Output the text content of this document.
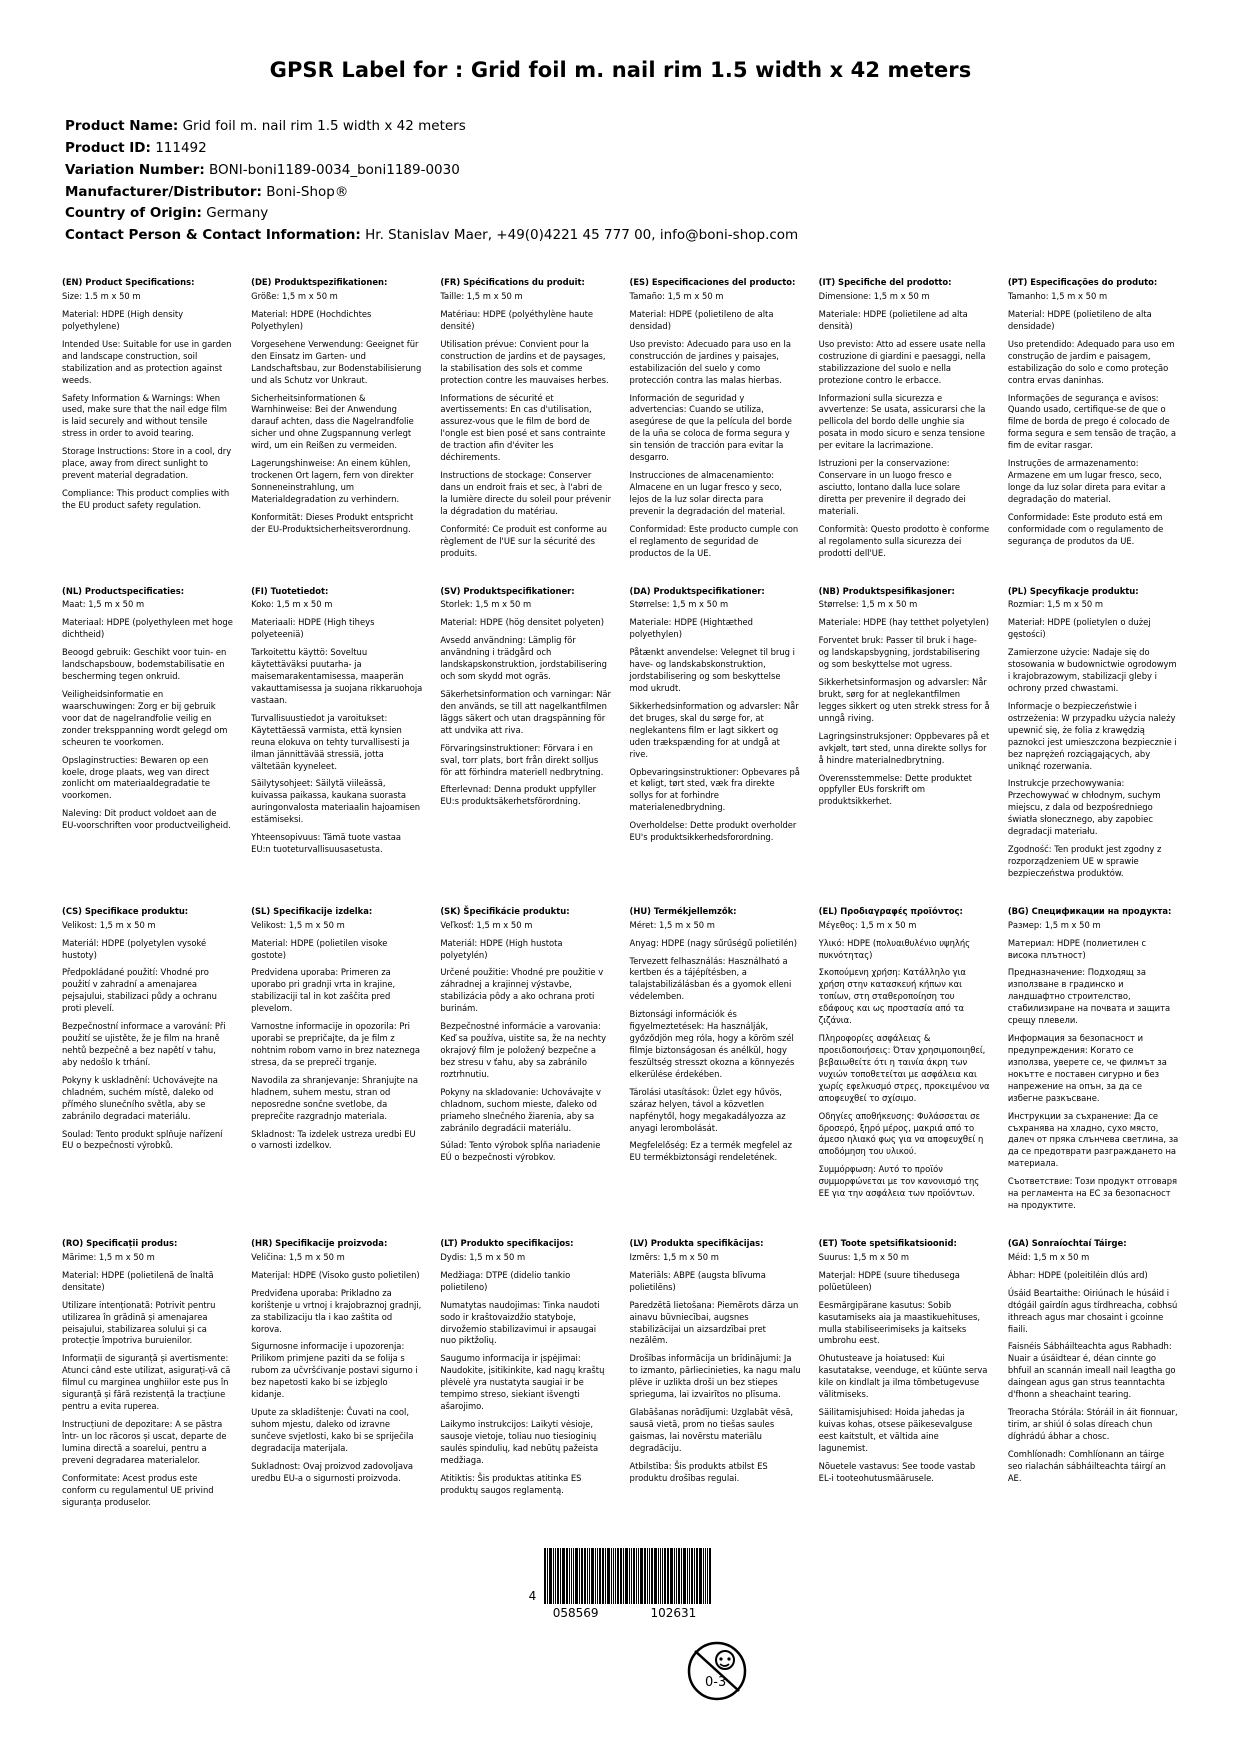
GPSR Label for : Grid foil m. nail rim 1.5 width x 42 meters
Product Name: Grid foil m. nail rim 1.5 width x 42 meters
Product ID: 111492
Variation Number: BONI-boni1189-0034_boni1189-0030
Manufacturer/Distributor: Boni-Shop®
Country of Origin: Germany
Contact Person & Contact Information: Hr. Stanislav Maer, +49(0)4221 45 777 00, info@boni-shop.com
(EN) Product Specifications:

Size: 1.5 m x 50 m

Material: HDPE (High density polyethylene)

Intended Use: Suitable for use in garden and landscape construction, soil stabilization and as protection against weeds.

Safety Information & Warnings: When used, make sure that the nail edge film is laid securely and without tensile stress in order to avoid tearing.

Storage Instructions: Store in a cool, dry place, away from direct sunlight to prevent material degradation.

Compliance: This product complies with the EU product safety regulation.

(DE) Produktspezifikationen:

Größe: 1,5 m x 50 m

Material: HDPE (Hochdichtes Polyethylen)

Vorgesehene Verwendung: Geeignet für den Einsatz im Garten- und Landschaftsbau, zur Bodenstabilisierung und als Schutz vor Unkraut.

Sicherheitsinformationen & Warnhinweise: Bei der Anwendung darauf achten, dass die Nagelrandfolie sicher und ohne Zugspannung verlegt wird, um ein Reißen zu vermeiden.

Lagerungshinweise: An einem kühlen, trockenen Ort lagern, fern von direkter Sonneneinstrahlung, um Materialdegradation zu verhindern.

Konformität: Dieses Produkt entspricht der EU-Produktsicherheitsverordnung.

(FR) Spécifications du produit:

Taille: 1,5 m x 50 m

Matériau: HDPE (polyéthylène haute densité)

Utilisation prévue: Convient pour la construction de jardins et de paysages, la stabilisation des sols et comme protection contre les mauvaises herbes.

Informations de sécurité et avertissements: En cas d'utilisation, assurez-vous que le film de bord de l'ongle est bien posé et sans contrainte de traction afin d'éviter les déchirements.

Instructions de stockage: Conserver dans un endroit frais et sec, à l'abri de la lumière directe du soleil pour prévenir la dégradation du matériau.

Conformité: Ce produit est conforme au règlement de l'UE sur la sécurité des produits.

(ES) Especificaciones del producto:

Tamaño: 1,5 m x 50 m

Material: HDPE (polietileno de alta densidad)

Uso previsto: Adecuado para uso en la construcción de jardines y paisajes, estabilización del suelo y como protección contra las malas hierbas.

Información de seguridad y advertencias: Cuando se utiliza, asegúrese de que la película del borde de la uña se coloca de forma segura y sin tensión de tracción para evitar la desgarro.

Instrucciones de almacenamiento: Almacene en un lugar fresco y seco, lejos de la luz solar directa para prevenir la degradación del material.

Conformidad: Este producto cumple con el reglamento de seguridad de productos de la UE.

(IT) Specifiche del prodotto:

Dimensione: 1,5 m x 50 m

Materiale: HDPE (polietilene ad alta densità)

Uso previsto: Atto ad essere usate nella costruzione di giardini e paesaggi, nella stabilizzazione del suolo e nella protezione contro le erbacce.

Informazioni sulla sicurezza e avvertenze: Se usata, assicurarsi che la pellicola del bordo delle unghie sia posata in modo sicuro e senza tensione per evitare la lacrimazione.

Istruzioni per la conservazione: Conservare in un luogo fresco e asciutto, lontano dalla luce solare diretta per prevenire il degrado dei materiali.

Conformità: Questo prodotto è conforme al regolamento sulla sicurezza dei prodotti dell'UE.

(PT) Especificações do produto:

Tamanho: 1,5 m x 50 m

Material: HDPE (polietileno de alta densidade)

Uso pretendido: Adequado para uso em construção de jardim e paisagem, estabilização do solo e como proteção contra ervas daninhas.

Informações de segurança e avisos: Quando usado, certifique-se de que o filme de borda de prego é colocado de forma segura e sem tensão de tração, a fim de evitar rasgar.

Instruções de armazenamento: Armazene em um lugar fresco, seco, longe da luz solar direta para evitar a degradação do material.

Conformidade: Este produto está em conformidade com o regulamento de segurança de produtos da UE.

(NL) Productspecificaties:

Maat: 1,5 m x 50 m

Materiaal: HDPE (polyethyleen met hoge dichtheid)

Beoogd gebruik: Geschikt voor tuin- en landschapsbouw, bodemstabilisatie en bescherming tegen onkruid.

Veiligheidsinformatie en waarschuwingen: Zorg er bij gebruik voor dat de nagelrandfolie veilig en zonder treksppanning wordt gelegd om scheuren te voorkomen.

Opslaginstructies: Bewaren op een koele, droge plaats, weg van direct zonlicht om materiaaldegradatie te voorkomen.

Naleving: Dit product voldoet aan de EU-voorschriften voor productveiligheid.

(FI) Tuotetiedot:

Koko: 1,5 m x 50 m

Materiaali: HDPE (High tiheys polyeteeniä)

Tarkoitettu käyttö: Soveltuu käytettäväksi puutarha- ja maisemarakentamisessa, maaperän vakauttamisessa ja suojana rikkaruohoja vastaan.

Turvallisuustiedot ja varoitukset: Käytettäessä varmista, että kynsien reuna elokuva on tehty turvallisesti ja ilman jännittävää stressiä, jotta vältetään kyyneleet.

Säilytysohjeet: Säilytä viileässä, kuivassa paikassa, kaukana suorasta auringonvalosta materiaalin hajoamisen estämiseksi.

Yhteensopivuus: Tämä tuote vastaa EU:n tuoteturvallisuusasetusta.

(SV) Produktspecifikationer:

Storlek: 1,5 m x 50 m

Material: HDPE (hög densitet polyeten)

Avsedd användning: Lämplig för användning i trädgård och landskapskonstruktion, jordstabilisering och som skydd mot ogräs.

Säkerhetsinformation och varningar: När den används, se till att nagelkantfilmen läggs säkert och utan dragspänning för att undvika att riva.

Förvaringsinstruktioner: Förvara i en sval, torr plats, bort från direkt solljus för att förhindra materiell nedbrytning.

Efterlevnad: Denna produkt uppfyller EU:s produktsäkerhetsförordning.

(DA) Produktspecifikationer:

Størrelse: 1,5 m x 50 m

Materiale: HDPE (Hightæthed polyethylen)

Påtænkt anvendelse: Velegnet til brug i have- og landskabskonstruktion, jordstabilisering og som beskyttelse mod ukrudt.

Sikkerhedsinformation og advarsler: Når det bruges, skal du sørge for, at neglekantens film er lagt sikkert og uden trækspænding for at undgå at rive.

Opbevaringsinstruktioner: Opbevares på et køligt, tørt sted, væk fra direkte sollys for at forhindre materialenedbrydning.

Overholdelse: Dette produkt overholder EU's produktsikkerhedsforordning.

(NB) Produktspesifikasjoner:

Størrelse: 1,5 m x 50 m

Materiale: HDPE (hay tetthet polyetylen)

Forventet bruk: Passer til bruk i hage- og landskapsbygning, jordstabilisering og som beskyttelse mot ugress.

Sikkerhetsinformasjon og advarsler: Når brukt, sørg for at neglekantfilmen legges sikkert og uten strekk stress for å unngå riving.

Lagringsinstruksjoner: Oppbevares på et avkjølt, tørt sted, unna direkte sollys for å hindre materialnedbrytning.

Overensstemmelse: Dette produktet oppfyller EUs forskrift om produktsikkerhet.

(PL) Specyfikacje produktu:

Rozmiar: 1,5 m x 50 m

Materiał: HDPE (polietylen o dużej gęstości)

Zamierzone użycie: Nadaje się do stosowania w budownictwie ogrodowym i krajobrazowym, stabilizacji gleby i ochrony przed chwastami.

Informacje o bezpieczeństwie i ostrzeżenia: W przypadku użycia należy upewnić się, że folia z krawędzią paznokci jest umieszczona bezpiecznie i bez naprężeń rozciągających, aby uniknąć rozerwania.

Instrukcje przechowywania: Przechowywać w chłodnym, suchym miejscu, z dala od bezpośredniego światła słonecznego, aby zapobiec degradacji materiału.

Zgodność: Ten produkt jest zgodny z rozporządzeniem UE w sprawie bezpieczeństwa produktów.

(CS) Specifikace produktu:

Velikost: 1,5 m x 50 m

Materiál: HDPE (polyetylen vysoké hustoty)

Předpokládané použití: Vhodné pro použití v zahradní a amenajarea pejsajului, stabilizaci půdy a ochranu proti plevelí.

Bezpečnostní informace a varování: Při použití se ujistěte, že je film na hraně nehtů bezpečně a bez napětí v tahu, aby nedošlo k trhání.

Pokyny k uskladnění: Uchovávejte na chladném, suchém místě, daleko od přímého slunečního světla, aby se zabránilo degradaci materiálu.

Soulad: Tento produkt splňuje nařízení EU o bezpečnosti výrobků.

(SL) Specifikacije izdelka:

Velikost: 1,5 m x 50 m

Material: HDPE (polietilen visoke gostote)

Predvidena uporaba: Primeren za uporabo pri gradnji vrta in krajine, stabilizaciji tal in kot zaščita pred plevelom.

Varnostne informacije in opozorila: Pri uporabi se prepričajte, da je film z nohtnim robom varno in brez nateznega stresa, da se prepreči trganje.

Navodila za shranjevanje: Shranjujte na hladnem, suhem mestu, stran od neposredne sončne svetlobe, da preprečite razgradnjo materiala.

Skladnost: Ta izdelek ustreza uredbi EU o varnosti izdelkov.

(SK) Špecifikácie produktu:

Veľkosť: 1,5 m x 50 m

Materiál: HDPE (High hustota polyetylén)

Určené použitie: Vhodné pre použitie v záhradnej a krajinnej výstavbe, stabilizácia pôdy a ako ochrana proti burinám.

Bezpečnostné informácie a varovania: Keď sa používa, uistite sa, že na nechty okrajový film je položený bezpečne a bez stresu v ťahu, aby sa zabránilo roztrhnutiu.

Pokyny na skladovanie: Uchovávajte v chladnom, suchom mieste, ďaleko od priameho slnečného žiarenia, aby sa zabránilo degradácii materiálu.

Súlad: Tento výrobok spĺňa nariadenie EÚ o bezpečnosti výrobkov.

(HU) Termékjellemzők:

Méret: 1,5 m x 50 m

Anyag: HDPE (nagy sűrűségű polietilén)

Tervezett felhasználás: Használható a kertben és a tájépítésben, a talajstabilizálásban és a gyomok elleni védelemben.

Biztonsági információk és figyelmeztetések: Ha használják, győződjön meg róla, hogy a köröm szél filmje biztonságosan és anélkül, hogy feszültség stresszt okozna a könnyezés elkerülése érdekében.

Tárolási utasítások: Üzlet egy hűvös, száraz helyen, távol a közvetlen napfénytől, hogy megakadályozza az anyagi lerombolását.

Megfelelőség: Ez a termék megfelel az EU termékbiztonsági rendeletének.

(EL) Προδιαγραφές προϊόντος:

Μέγεθος: 1,5 m x 50 m

Υλικό: HDPE (πολυαιθυλένιο υψηλής πυκνότητας)

Σκοπούμενη χρήση: Κατάλληλο για χρήση στην κατασκευή κήπων και τοπίων, στη σταθεροποίηση του εδάφους και ως προστασία από τα ζιζάνια.

Πληροφορίες ασφάλειας & προειδοποιήσεις: Όταν χρησιμοποιηθεί, βεβαιωθείτε ότι η ταινία άκρη των νυχιών τοποθετείται με ασφάλεια και χωρίς εφελκυσμό στρες, προκειμένου να αποφευχθεί το σχίσιμο.

Οδηγίες αποθήκευσης: Φυλάσσεται σε δροσερό, ξηρό μέρος, μακριά από το άμεσο ηλιακό φως για να αποφευχθεί η αποδόμηση του υλικού.

Συμμόρφωση: Αυτό το προϊόν συμμορφώνεται με τον κανονισμό της ΕΕ για την ασφάλεια των προϊόντων.

(BG) Спецификации на продукта:

Размер: 1,5 m x 50 m

Материал: HDPE (полиетилен с висока плътност)

Предназначение: Подходящ за използване в градинско и ландшафтно строителство, стабилизиране на почвата и защита срещу плевели.

Информация за безопасност и предупреждения: Когато се използва, уверете се, че филмът за нокътте е поставен сигурно и без напрежение на опън, за да се избегне разкъсване.

Инструкции за съхранение: Да се съхранява на хладно, сухо място, далеч от пряка слънчева светлина, за да се предотврати разграждането на материала.

Съответствие: Този продукт отговаря на регламента на ЕС за безопасност на продуктите.

(RO) Specificații produs:

Mărime: 1,5 m x 50 m

Material: HDPE (polietilenă de înaltă densitate)

Utilizare intenționată: Potrivit pentru utilizarea în grădină și amenajarea peisajului, stabilizarea solului și ca protecție împotriva buruienilor.

Informații de siguranță și avertismente: Atunci când este utilizat, asigurați-vă că filmul cu marginea unghiilor este pus în siguranță și fără rezistență la tracțiune pentru a evita ruperea.

Instrucțiuni de depozitare: A se păstra într- un loc răcoros și uscat, departe de lumina directă a soarelui, pentru a preveni degradarea materialelor.

Conformitate: Acest produs este conform cu regulamentul UE privind siguranța produselor.

(HR) Specifikacije proizvoda:

Veličina: 1,5 m x 50 m

Materijal: HDPE (Visoko gusto polietilen)

Predviđena uporaba: Prikladno za korištenje u vrtnoj i krajobraznoj gradnji, za stabilizaciju tla i kao zaštita od korova.

Sigurnosne informacije i upozorenja: Prilikom primjene paziti da se folija s rubom za učvršćivanje postavi sigurno i bez napetosti kako bi se izbjeglo kidanje.

Upute za skladištenje: Čuvati na cool, suhom mjestu, daleko od izravne sunčeve svjetlosti, kako bi se spriječila degradacija materijala.

Sukladnost: Ovaj proizvod zadovoljava uredbu EU-a o sigurnosti proizvoda.

(LT) Produkto specifikacijos:

Dydis: 1,5 m x 50 m

Medžiaga: DTPE (didelio tankio polietileno)

Numatytas naudojimas: Tinka naudoti sodo ir kraštovaizdžio statyboje, dirvožemio stabilizavimui ir apsaugai nuo piktžolių.

Saugumo informacija ir įspėjimai: Naudokite, įsitikinkite, kad nagų kraštų plėvelė yra nustatyta saugiai ir be tempimo streso, siekiant išvengti ašarojimo.

Laikymo instrukcijos: Laikyti vėsioje, sausoje vietoje, toliau nuo tiesioginių saulės spindulių, kad nebūtų pažeista medžiaga.

Atitiktis: Šis produktas atitinka ES produktų saugos reglamentą.

(LV) Produkta specifikācijas:

Izmērs: 1,5 m x 50 m

Materiāls: ABPE (augsta blīvuma polietilēns)

Paredzētā lietošana: Piemērots dārza un ainavu būvniecībai, augsnes stabilizācijai un aizsardzībai pret nezālēm.

Drošības informācija un brīdinājumi: Ja to izmanto, pārliecinieties, ka nagu malu plēve ir uzlikta droši un bez stiepes sprieguma, lai izvairītos no plīsuma.

Glabāšanas norādījumi: Uzglabāt vēsā, sausā vietā, prom no tiešas saules gaismas, lai novērstu materiālu degradāciju.

Atbilstība: Šis produkts atbilst ES produktu drošības regulai.

(ET) Toote spetsifikatsioonid:

Suurus: 1,5 m x 50 m

Materjal: HDPE (suure tihedusega polüetüleen)

Eesmärgipärane kasutus: Sobib kasutamiseks aia ja maastikuehituses, mulla stabiliseerimiseks ja kaitseks umbrohu eest.

Ohutusteave ja hoiatused: Kui kasutatakse, veenduge, et küünte serva kile on kindlalt ja ilma tõmbetugevuse välitmiseks.

Säilitamisjuhised: Hoida jahedas ja kuivas kohas, otsese päikesevalguse eest kaitstult, et vältida aine lagunemist.

Nõuetele vastavus: See toode vastab EL-i tooteohutusmäärusele.

(GA) Sonraíochtaí Táirge:

Méid: 1,5 m x 50 m

Ábhar: HDPE (poleitiléin dlús ard)

Úsáid Beartaithe: Oiriúnach le húsáid i dtógáil gairdín agus tírdhreacha, cobhsú ithreach agus mar chosaint i gcoinne fiaili.

Faisnéis Sábháilteachta agus Rabhadh: Nuair a úsáidtear é, déan cinnte go bhfuil an scannán imeall nail leagtha go daingean agus gan strus teanntachta d'fhonn a sheachaint tearing.

Treoracha Stórála: Stóráil in áit fionnuar, tirim, ar shiúl ó solas díreach chun díghrádú ábhar a chosc.

Comhlíonadh: Comhlíonann an táirge seo rialachán sábháilteachta táirgí an AE.

4
058569	102631
0-3
